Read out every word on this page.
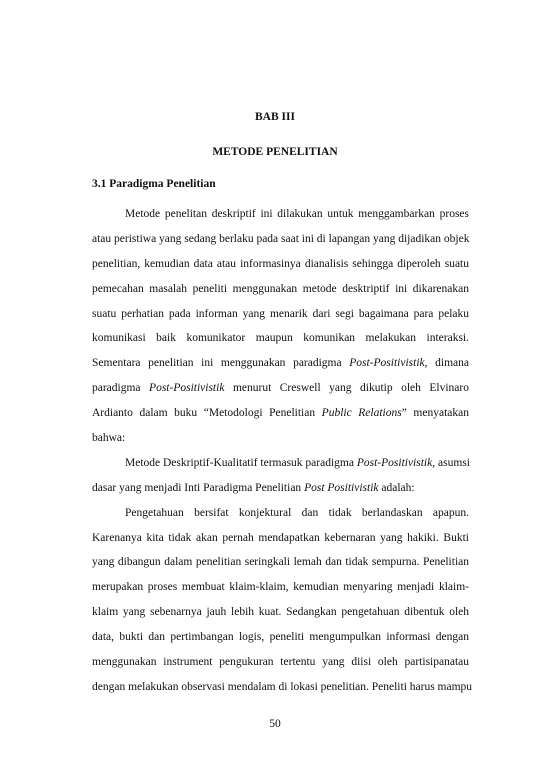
BAB III
METODE PENELITIAN
3.1 Paradigma Penelitian
Metode penelitan deskriptif ini dilakukan untuk menggambarkan proses
atau peristiwa yang sedang berlaku pada saat ini di lapangan yang dijadikan objek
penelitian, kemudian data atau informasinya dianalisis sehingga diperoleh suatu
pemecahan masalah peneliti menggunakan metode desktriptif ini dikarenakan
suatu perhatian pada informan yang menarik dari segi bagaimana para pelaku
komunikasi baik komunikator maupun komunikan melakukan interaksi.
Sementara penelitian ini menggunakan paradigma Post-Positivistik, dimana
paradigma Post-Positivistik menurut Creswell yang dikutip oleh Elvinaro
Ardianto dalam buku “Metodologi Penelitian Public Relations” menyatakan
bahwa:
Metode Deskriptif-Kualitatif termasuk paradigma Post-Positivistik, asumsi
dasar yang menjadi Inti Paradigma Penelitian Post Positivistik adalah:
Pengetahuan bersifat konjektural dan tidak berlandaskan apapun.
Karenanya kita tidak akan pernah mendapatkan kebernaran yang hakiki. Bukti
yang dibangun dalam penelitian seringkali lemah dan tidak sempurna. Penelitian
merupakan proses membuat klaim-klaim, kemudian menyaring menjadi klaim-
klaim yang sebenarnya jauh lebih kuat. Sedangkan pengetahuan dibentuk oleh
data, bukti dan pertimbangan logis, peneliti mengumpulkan informasi dengan
menggunakan instrument pengukuran tertentu yang diisi oleh partisipanatau
dengan melakukan observasi mendalam di lokasi penelitian. Peneliti harus mampu
50
